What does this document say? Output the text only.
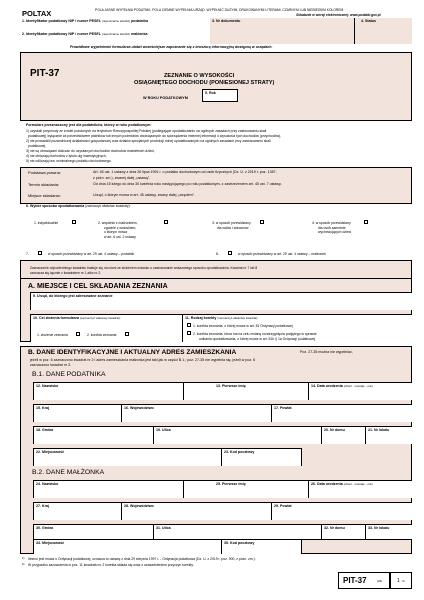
POLTAX	POLA JASNE WYPEŁNIA PODATNIK, POLA CIEMNE WYPEŁNIA URZĄD. WYPEŁNIĆ DUŻYMI, DRUKOWANYMI LITERAMI, CZARNYM LUB NIEBIESKIM KOLOREM
Składanie w wersji elektronicznej: www.podatki.gov.pl
1. Identyfikator podatkowy NIP / numer PESEL (niepotrzebne skreślić) podatnika
2. Identyfikator podatkowy NIP / numer PESEL (niepotrzebne skreślić) małżonka
3. Nr dokumentu	4. Status
Prawidłowe wypełnienie formularza ułatwi wcześniejsze zapoznanie się z broszurą informacyjną dostępną w urzędach.
PIT-37	ZEZNANIE O WYSOKOŚCI
OSIĄGNIĘTEGO DOCHODU (PONIESIONEJ STRATY)
W ROKU PODATKOWYM
5. Rok
Formularz przeznaczony jest dla podatników, którzy w roku podatkowym:
1) uzyskali przychody ze źródeł położonych na terytorium Rzeczypospolitej Polskiej (podlegające opodatkowaniu na ogólnych zasadach przy zastosowaniu skali
podatkowej) wyłącznie za pośrednictwem płatników lub innych podmiotów obowiązanych do sporządzenia imiennej informacji o wysokości tych dochodów (przychodów),
2) nie prowadzili pozarolniczej działalności gospodarczej oraz działów specjalnych produkcji rolnej opodatkowanych na ogólnych zasadach przy zastosowaniu skali
podatkowej,
3) nie są obowiązani doliczać do uzyskanych dochodów dochodów małoletnich dzieci,
4) nie obliczają dochodów z tytułu ulg inwestycyjnych,
5) nie odliczają tzw. minimalnego podatku dochodowego.
Podstawa prawna:	Art. 45 ust. 1 ustawy z dnia 26 lipca 1991 r. o podatku dochodowym od osób fizycznych (Dz. U. z 2019 r. poz. 1387,
z późn. zm.), zwanej dalej „ustawą”.
Termin składania:	Od dnia 15 lutego do dnia 30 kwietnia roku następującego po roku podatkowym, z zastrzeżeniem art. 45 ust. 7 ustawy.
Miejsce składania:	Urząd, o którym mowa w art. 45 ustawy, zwany dalej „urzędem”.
6. Wybór sposobu opodatkowania (zaznaczyć właściwe kwadraty):
1. indywidualnie	2. wspólnie z małżonkiem,
zgodnie z wnioskiem,
o którym mowa
w art. 6 ust. 2 ustawy
3. w sposób przewidziany
dla wdów i wdowców
4. w sposób przewidziany
dla osób samotnie
wychowujących dzieci
7.	w sposób przewidziany w art. 29 ust. 4 ustawy – podatnik	8.	w sposób przewidziany w art. 29 ust. 4 ustawy – małżonek
Zaznaczenie odpowiedniego kwadratu traktuje się na równi ze złożeniem wniosku o zastosowanie wskazanego sposobu opodatkowania. Kwadrat nr 7 lub 8
zaznacza się łącznie z kwadratem nr 1 albo nr 2.
A. MIEJSCE I CEL SKŁADANIA ZEZNANIA
9. Urząd, do którego jest adresowane zeznanie
10. Cel złożenia formularza (zaznaczyć właściwy kwadrat):
1. złożenie zeznania	2. korekta zeznania
11. Rodzaj korekty (zaznaczyć właściwy kwadrat):
1. korekta zeznania, o której mowa w art. 81 Ordynacji podatkowej
2. korekta zeznania, która ma na celu zmianę rozstrzygnięcia podjętego w sprawie
unikania opodatkowania, o której mowa w art. 81b § 1a Ordynacji podatkowej
B. DANE IDENTYFIKACYJNE I AKTUALNY ADRES ZAMIESZKANIA	Poz. 27-35 można nie wypełniać,
jeżeli w poz. 6 zaznaczono kwadrat nr 2 i adres zamieszkania małżonka jest taki jak w części B.1.; poz. 27-35 nie wypełnia się, jeżeli w poz. 6
zaznaczono kwadrat nr 3.
B.1. DANE PODATNIKA
12. Nazwisko	13. Pierwsze imię	14. Data urodzenia (dzień - miesiąc - rok)
15. Kraj	16. Województwo	17. Powiat
18. Gmina	19. Ulica	20. Nr domu	21. Nr lokalu
22. Miejscowość	23. Kod pocztowy
B.2. DANE MAŁŻONKA
24. Nazwisko	25. Pierwsze imię	26. Data urodzenia (dzień - miesiąc - rok)
27. Kraj	28. Województwo	29. Powiat
30. Gmina	31. Ulica	32. Nr domu	33. Nr lokalu
34. Miejscowość	35. Kod pocztowy
1) Ilekroć jest mowa o Ordynacji podatkowej, oznacza to ustawę z dnia 29 sierpnia 1997 r. - Ordynacja podatkowa (Dz. U. z 2019 r. poz. 900, z późn. zm.).
2) W przypadku zaznaczenia w poz. 11 kwadratu nr 2 korekta składa się wraz z uzasadnieniem przyczyn korekty.
PIT-37	(26)	1 /4
